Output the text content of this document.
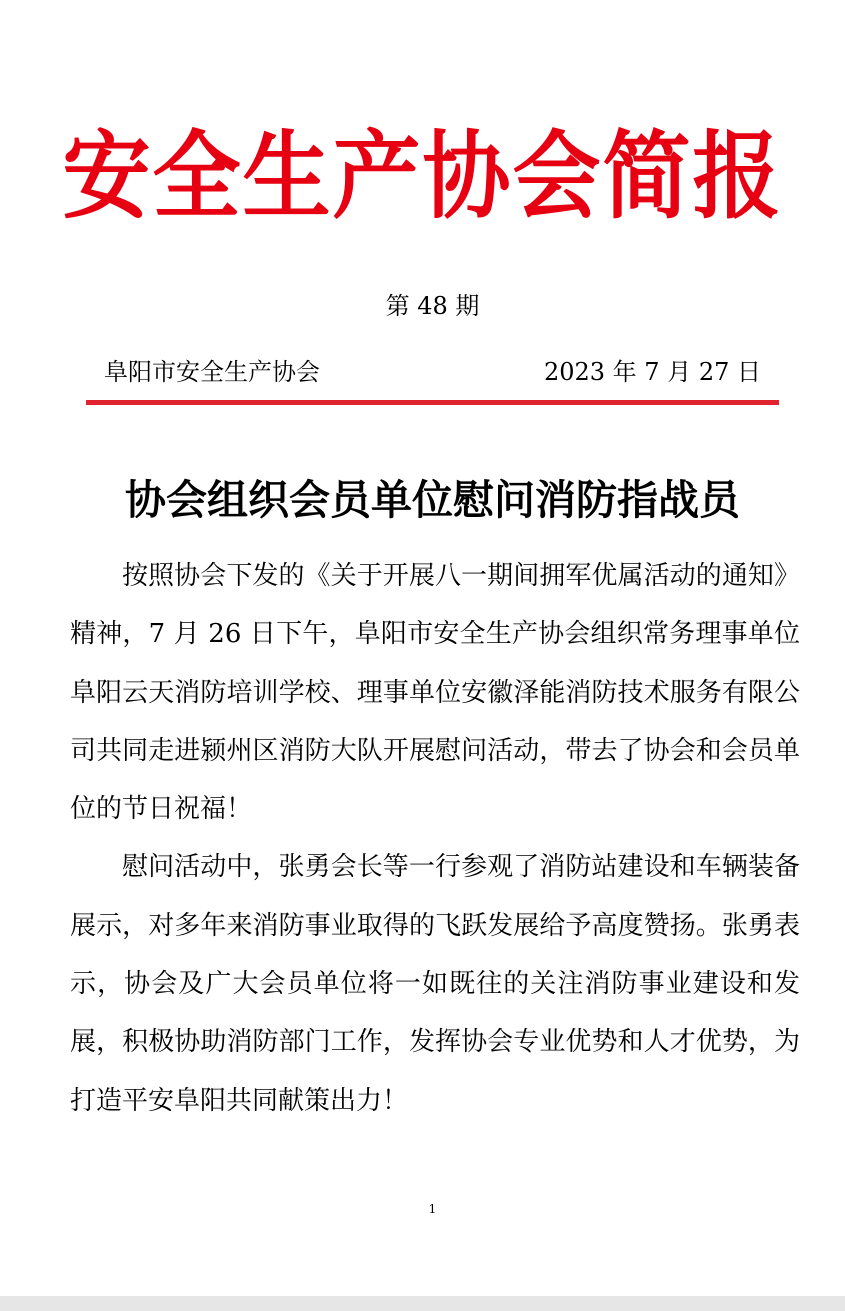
安全生产协会简报
第 48 期
阜阳市安全生产协会	2023 年 7 月 27 日
协会组织会员单位慰问消防指战员

按照协会下发的《关于开展八一期间拥军优属活动的通知》精神，7 月 26 日下午，阜阳市安全生产协会组织常务理事单位阜阳云天消防培训学校、理事单位安徽泽能消防技术服务有限公司共同走进颍州区消防大队开展慰问活动，带去了协会和会员单位的节日祝福！

慰问活动中，张勇会长等一行参观了消防站建设和车辆装备展示，对多年来消防事业取得的飞跃发展给予高度赞扬。张勇表示，协会及广大会员单位将一如既往的关注消防事业建设和发展，积极协助消防部门工作，发挥协会专业优势和人才优势，为打造平安阜阳共同献策出力！

1
